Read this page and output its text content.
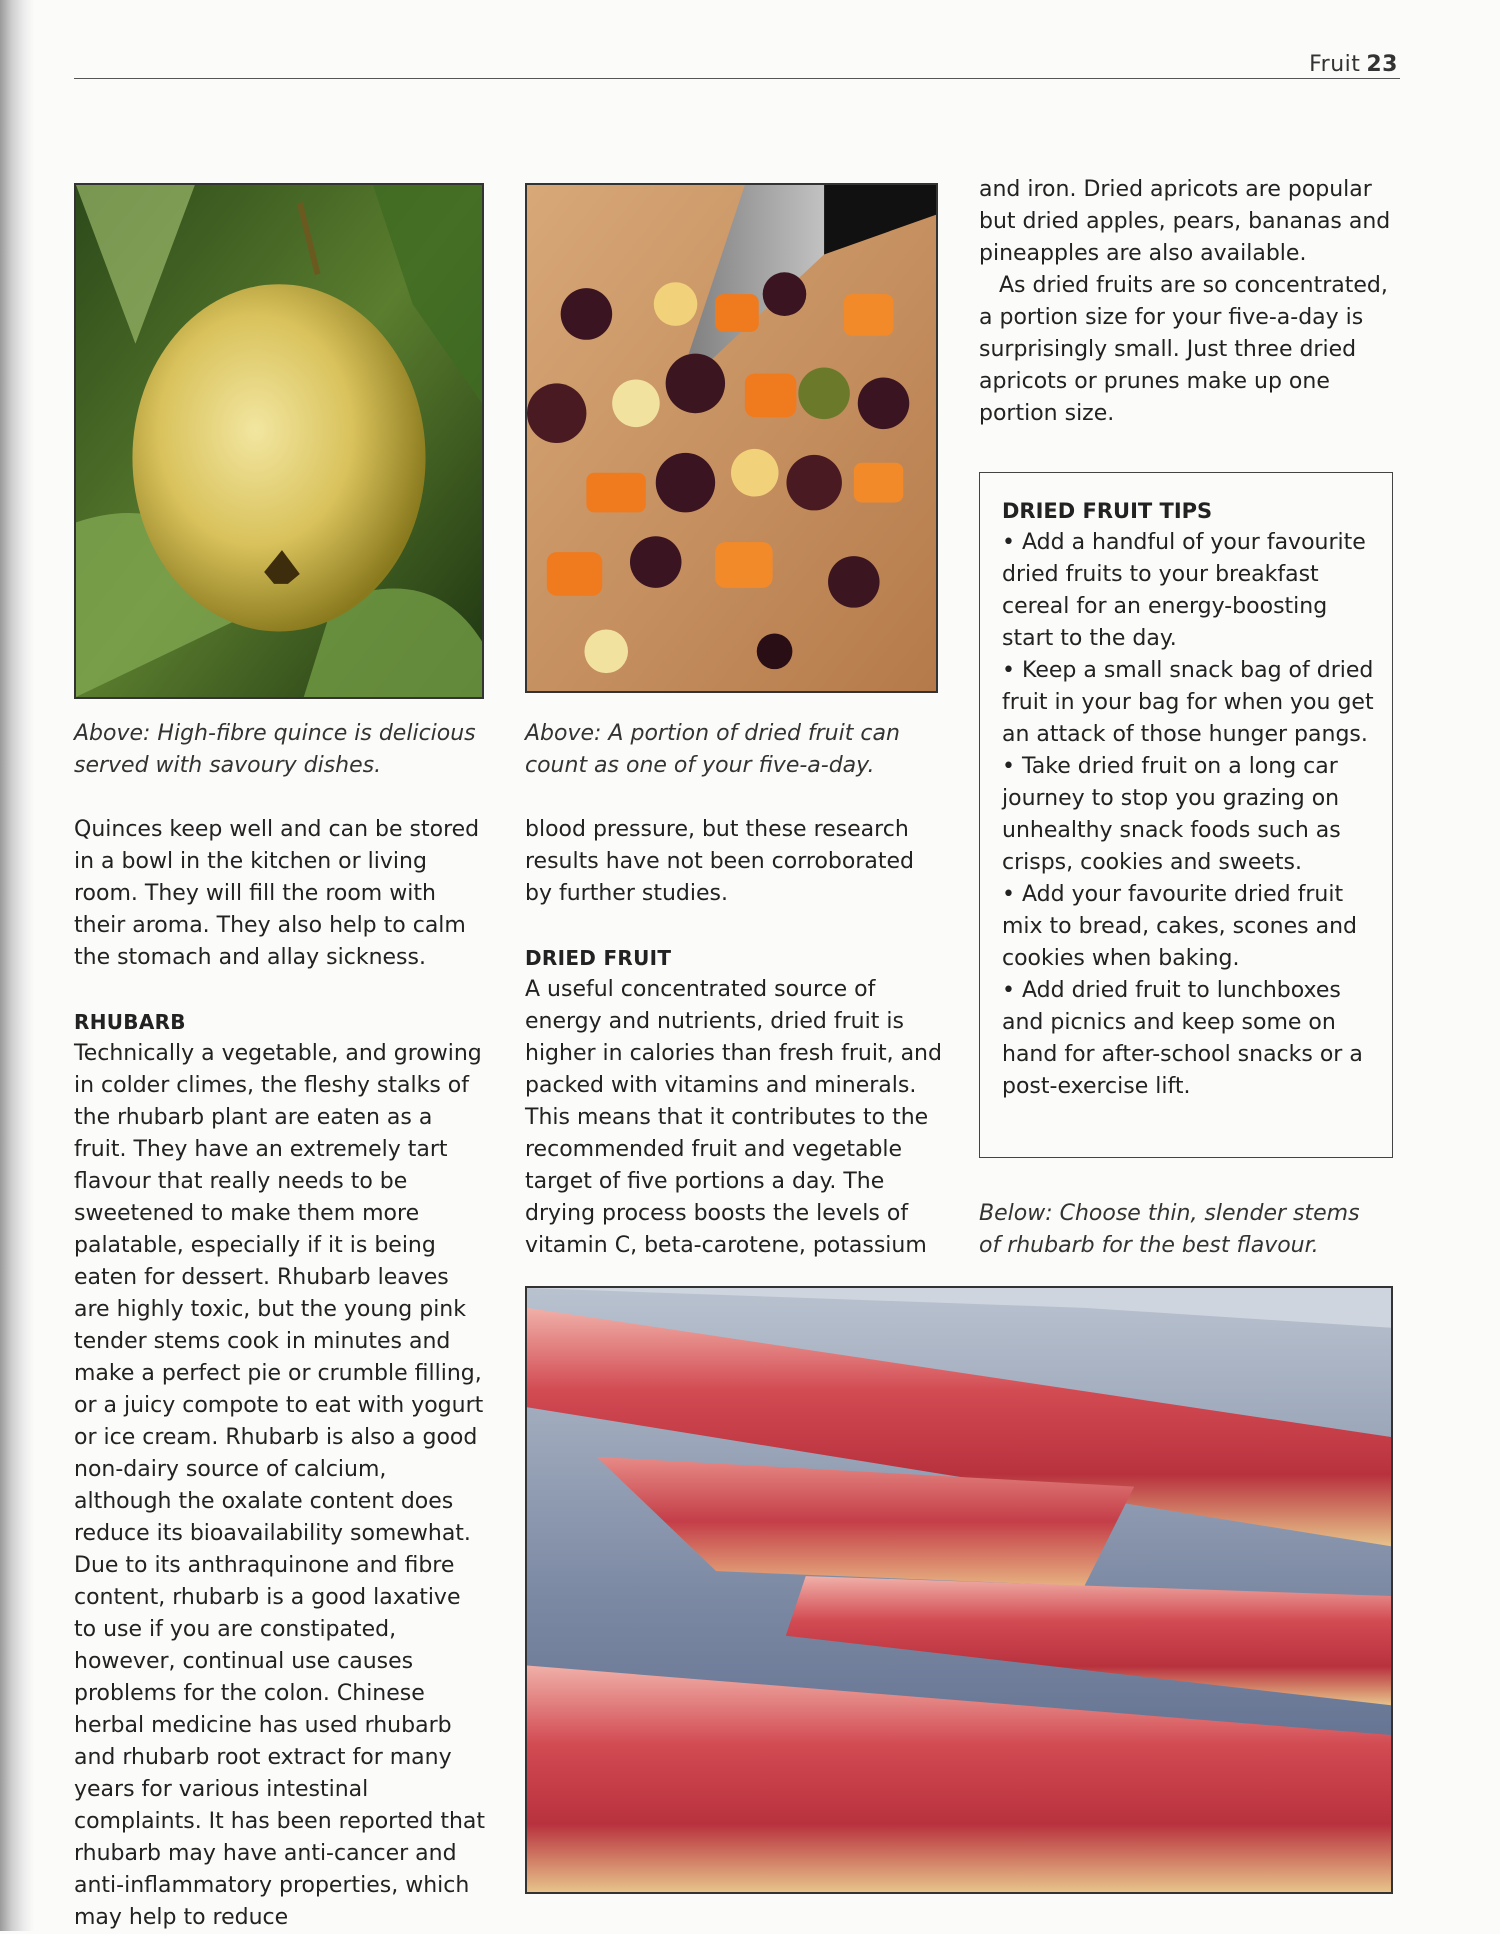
Fruit 23

Above: High-fibre quince is delicious served with savoury dishes.

Above: A portion of dried fruit can count as one of your five-a-day.

Quinces keep well and can be stored in a bowl in the kitchen or living room. They will fill the room with their aroma. They also help to calm the stomach and allay sickness.

RHUBARB

Technically a vegetable, and growing in colder climes, the fleshy stalks of the rhubarb plant are eaten as a fruit. They have an extremely tart flavour that really needs to be sweetened to make them more palatable, especially if it is being eaten for dessert. Rhubarb leaves are highly toxic, but the young pink tender stems cook in minutes and make a perfect pie or crumble filling, or a juicy compote to eat with yogurt or ice cream. Rhubarb is also a good non-dairy source of calcium, although the oxalate content does reduce its bioavailability somewhat. Due to its anthraquinone and fibre content, rhubarb is a good laxative to use if you are constipated, however, continual use causes problems for the colon. Chinese herbal medicine has used rhubarb and rhubarb root extract for many years for various intestinal complaints. It has been reported that rhubarb may have anti-cancer and anti-inflammatory properties, which may help to reduce

blood pressure, but these research results have not been corroborated by further studies.

DRIED FRUIT

A useful concentrated source of energy and nutrients, dried fruit is higher in calories than fresh fruit, and packed with vitamins and minerals. This means that it contributes to the recommended fruit and vegetable target of five portions a day. The drying process boosts the levels of vitamin C, beta-carotene, potassium

and iron. Dried apricots are popular but dried apples, pears, bananas and pineapples are also available.

As dried fruits are so concentrated, a portion size for your five-a-day is surprisingly small. Just three dried apricots or prunes make up one portion size.

DRIED FRUIT TIPS
• Add a handful of your favourite dried fruits to your breakfast cereal for an energy-boosting start to the day.
• Keep a small snack bag of dried fruit in your bag for when you get an attack of those hunger pangs.
• Take dried fruit on a long car journey to stop you grazing on unhealthy snack foods such as crisps, cookies and sweets.
• Add your favourite dried fruit mix to bread, cakes, scones and cookies when baking.
• Add dried fruit to lunchboxes and picnics and keep some on hand for after-school snacks or a post-exercise lift.

Below: Choose thin, slender stems of rhubarb for the best flavour.
